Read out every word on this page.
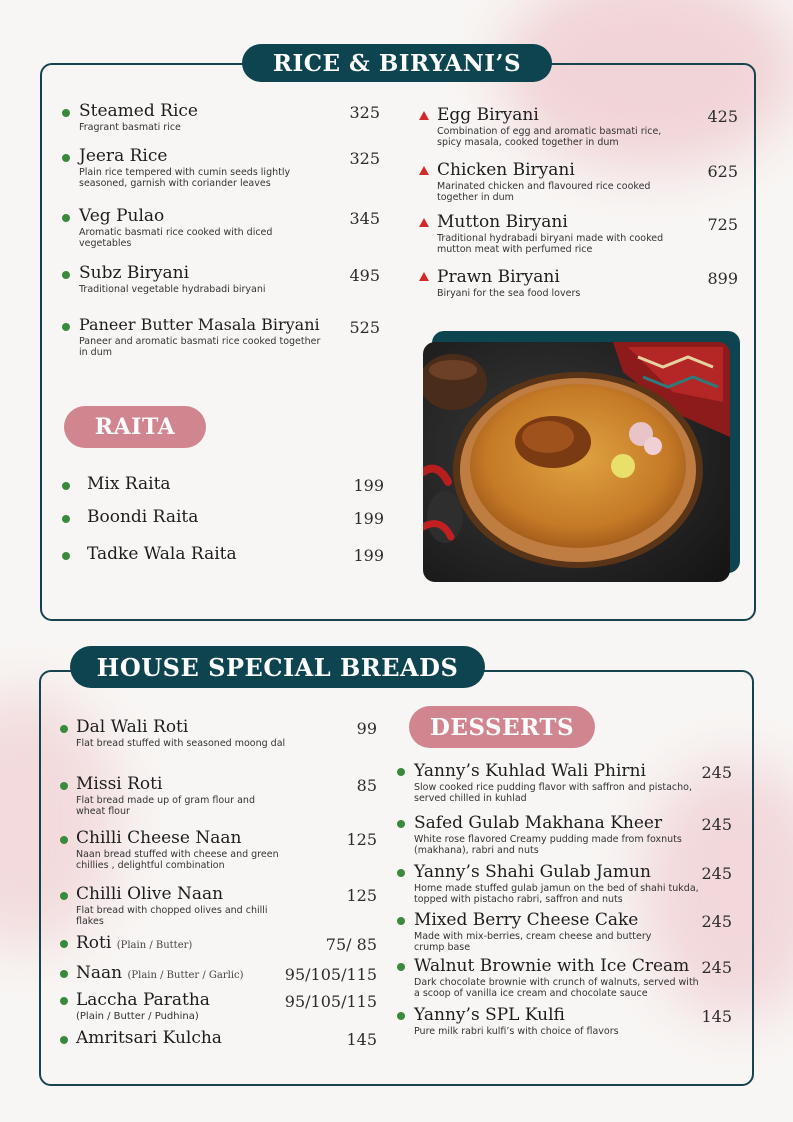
RICE & BIRYANI’S
Steamed Rice
Fragrant basmati rice
325
Jeera Rice
Plain rice tempered with cumin seeds lightly seasoned, garnish with coriander leaves
325
Veg Pulao
Aromatic basmati rice cooked with diced vegetables
345
Subz Biryani
Traditional vegetable hydrabadi biryani
495
Paneer Butter Masala Biryani
Paneer and aromatic basmati rice cooked together in dum
525
Egg Biryani
Combination of egg and aromatic basmati rice, spicy masala, cooked together in dum
425
Chicken Biryani
Marinated chicken and flavoured rice cooked together in dum
625
Mutton Biryani
Traditional hydrabadi biryani made with cooked mutton meat with perfumed rice
725
Prawn Biryani
Biryani for the sea food lovers
899
RAITA
Mix Raita	199
Boondi Raita	199
Tadke Wala Raita	199
HOUSE SPECIAL BREADS
Dal Wali Roti
Flat bread stuffed with seasoned moong dal
99
Missi Roti
Flat bread made up of gram flour and wheat flour
85
Chilli Cheese Naan
Naan bread stuffed with cheese and green chillies , delightful combination
125
Chilli Olive Naan
Flat bread with chopped olives and chilli flakes
125
Roti (Plain / Butter)	75/ 85
Naan (Plain / Butter / Garlic)	95/105/115
Laccha Paratha
(Plain / Butter / Pudhina)
95/105/115
Amritsari Kulcha	145
DESSERTS
Yanny’s Kuhlad Wali Phirni
Slow cooked rice pudding flavor with saffron and pistacho, served chilled in kuhlad
245
Safed Gulab Makhana Kheer
White rose flavored Creamy pudding made from foxnuts (makhana), rabri and nuts
245
Yanny’s Shahi Gulab Jamun
Home made stuffed gulab jamun on the bed of shahi tukda, topped with pistacho rabri, saffron and nuts
245
Mixed Berry Cheese Cake
Made with mix-berries, cream cheese and buttery crump base
245
Walnut Brownie with Ice Cream
Dark chocolate brownie with crunch of walnuts, served with a scoop of vanilla ice cream and chocolate sauce
245
Yanny’s SPL Kulfi
Pure milk rabri kulfi’s with choice of flavors
145
